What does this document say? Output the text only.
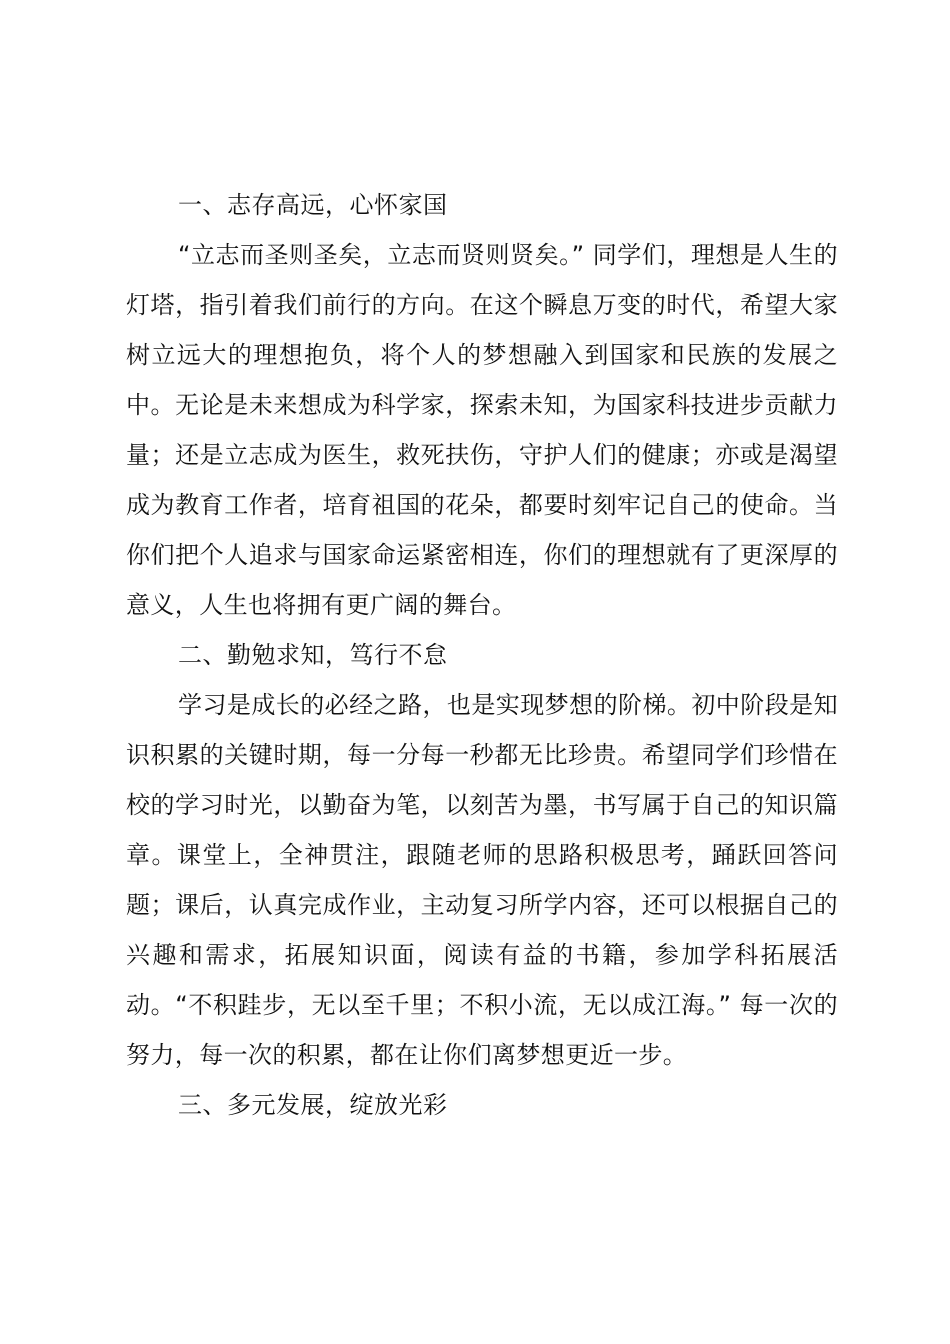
一、志存高远，心怀家国

“立志而圣则圣矣，立志而贤则贤矣。” 同学们，理想是人生的灯塔，指引着我们前行的方向。在这个瞬息万变的时代，希望大家树立远大的理想抱负，将个人的梦想融入到国家和民族的发展之中。无论是未来想成为科学家，探索未知，为国家科技进步贡献力量；还是立志成为医生，救死扶伤，守护人们的健康；亦或是渴望成为教育工作者，培育祖国的花朵，都要时刻牢记自己的使命。当你们把个人追求与国家命运紧密相连，你们的理想就有了更深厚的意义，人生也将拥有更广阔的舞台。

二、勤勉求知，笃行不怠

学习是成长的必经之路，也是实现梦想的阶梯。初中阶段是知识积累的关键时期，每一分每一秒都无比珍贵。希望同学们珍惜在校的学习时光，以勤奋为笔，以刻苦为墨，书写属于自己的知识篇章。课堂上，全神贯注，跟随老师的思路积极思考，踊跃回答问题；课后，认真完成作业，主动复习所学内容，还可以根据自己的兴趣和需求，拓展知识面，阅读有益的书籍，参加学科拓展活动。“不积跬步，无以至千里；不积小流，无以成江海。” 每一次的努力，每一次的积累，都在让你们离梦想更近一步。

三、多元发展，绽放光彩
